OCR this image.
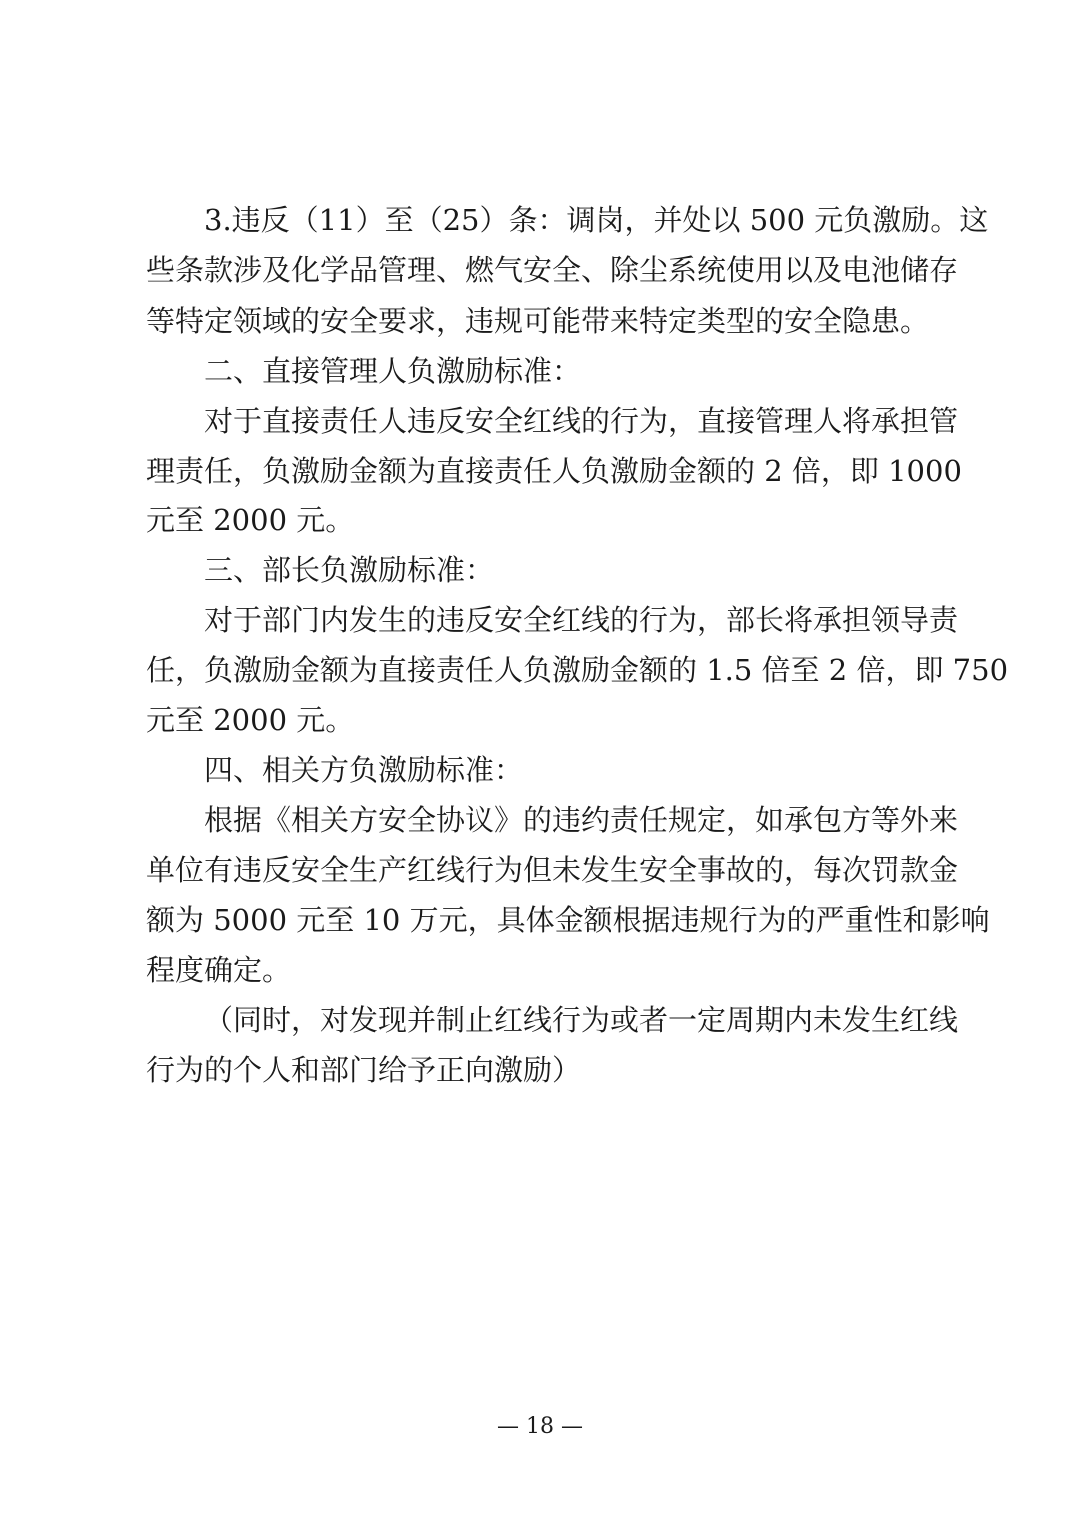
3.违反（11）至（25）条：调岗，并处以 500 元负激励。这
些条款涉及化学品管理、燃气安全、除尘系统使用以及电池储存
等特定领域的安全要求，违规可能带来特定类型的安全隐患。
二、直接管理人负激励标准：
对于直接责任人违反安全红线的行为，直接管理人将承担管
理责任，负激励金额为直接责任人负激励金额的 2 倍，即 1000
元至 2000 元。
三、部长负激励标准：
对于部门内发生的违反安全红线的行为，部长将承担领导责
任，负激励金额为直接责任人负激励金额的 1.5 倍至 2 倍，即 750
元至 2000 元。
四、相关方负激励标准：
根据《相关方安全协议》的违约责任规定，如承包方等外来
单位有违反安全生产红线行为但未发生安全事故的，每次罚款金
额为 5000 元至 10 万元，具体金额根据违规行为的严重性和影响
程度确定。
（同时，对发现并制止红线行为或者一定周期内未发生红线
行为的个人和部门给予正向激励）
— 18 —
